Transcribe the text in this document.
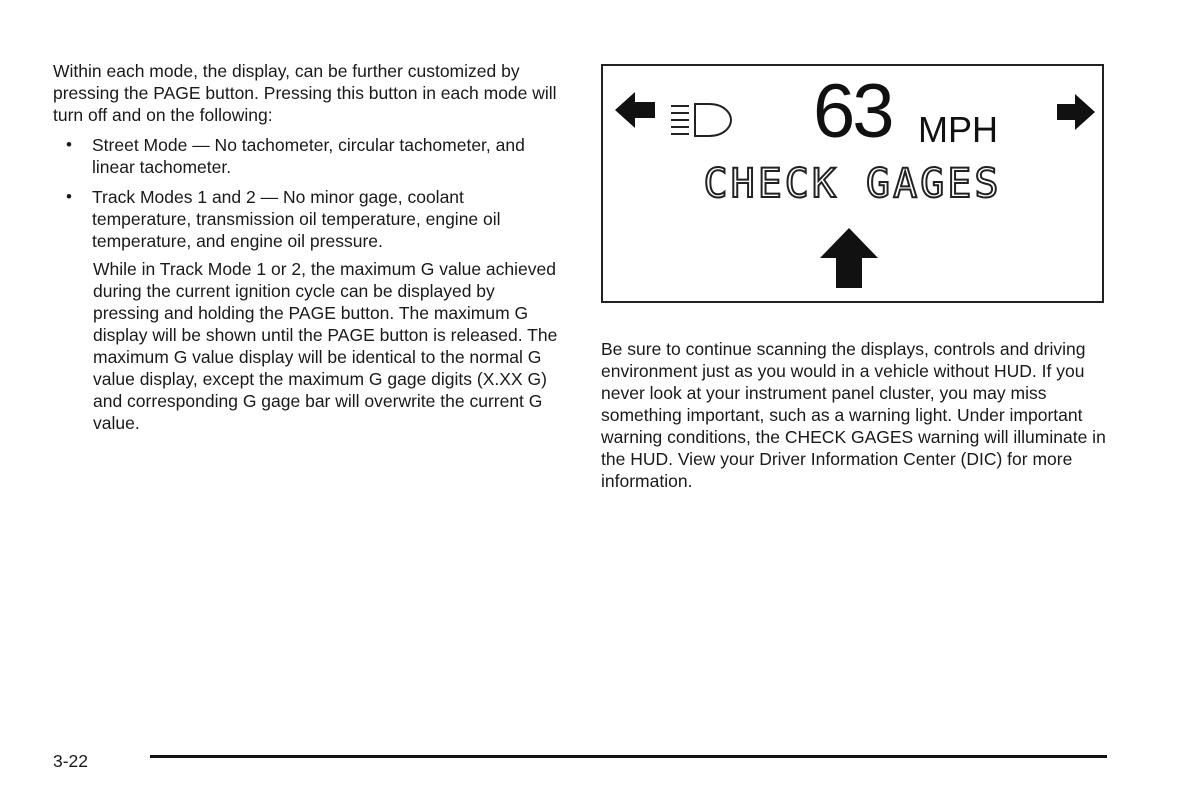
Within each mode, the display, can be further customized by pressing the PAGE button. Pressing this button in each mode will turn off and on the following:

• Street Mode — No tachometer, circular tachometer, and linear tachometer.
• Track Modes 1 and 2 — No minor gage, coolant temperature, transmission oil temperature, engine oil temperature, and engine oil pressure.

While in Track Mode 1 or 2, the maximum G value achieved during the current ignition cycle can be displayed by pressing and holding the PAGE button. The maximum G display will be shown until the PAGE button is released. The maximum G value display will be identical to the normal G value display, except the maximum G gage digits (X.XX G) and corresponding G gage bar will overwrite the current G value.

63 MPH
CHECK GAGES

Be sure to continue scanning the displays, controls and driving environment just as you would in a vehicle without HUD. If you never look at your instrument panel cluster, you may miss something important, such as a warning light. Under important warning conditions, the CHECK GAGES warning will illuminate in the HUD. View your Driver Information Center (DIC) for more information.

3-22
